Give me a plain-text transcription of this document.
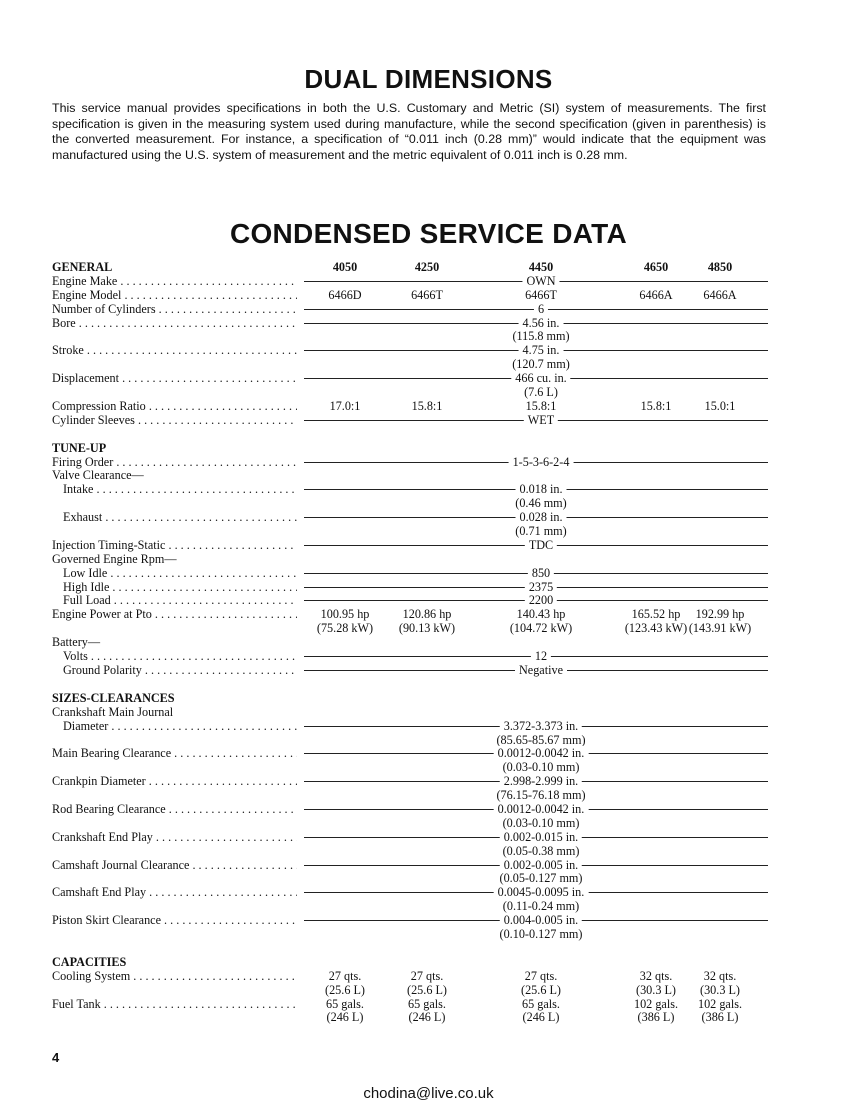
DUAL DIMENSIONS

This service manual provides specifications in both the U.S. Customary and Metric (SI) system of measurements. The first specification is given in the measuring system used during manufacture, while the second specification (given in parenthesis) is the converted measurement. For instance, a specification of “0.011 inch (0.28 mm)” would indicate that the equipment was manufactured using the U.S. system of measurement and the metric equivalent of 0.011 inch is 0.28 mm.

CONDENSED SERVICE DATA
GENERAL	4050	4250	4450	4650	4850
Engine Make . . .	OWN
Engine Model . . .	6466D	6466T	6466T	6466A	6466A
Number of Cylinders . . .	6
Bore . . .	4.56 in.
(115.8 mm)
Stroke . . .	4.75 in.
(120.7 mm)
Displacement . . .	466 cu. in.
(7.6 L)
Compression Ratio . . .	17.0:1	15.8:1	15.8:1	15.8:1	15.0:1
Cylinder Sleeves . . .	WET
TUNE-UP
Firing Order . . .	1-5-3-6-2-4
Valve Clearance—
Intake . . .	0.018 in.
(0.46 mm)
Exhaust . . .	0.028 in.
(0.71 mm)
Injection Timing-Static . . .	TDC
Governed Engine Rpm—
Low Idle . . .	850
High Idle . . .	2375
Full Load . . .	2200
Engine Power at Pto . . .	100.95 hp	120.86 hp	140.43 hp	165.52 hp	192.99 hp
(75.28 kW)	(90.13 kW)	(104.72 kW)	(123.43 kW) (143.91 kW)
Battery—
Volts . . .	12
Ground Polarity . . .	Negative
SIZES-CLEARANCES
Crankshaft Main Journal
Diameter . . .	3.372-3.373 in.
(85.65-85.67 mm)
Main Bearing Clearance . . .	0.0012-0.0042 in.
(0.03-0.10 mm)
Crankpin Diameter . . .	2.998-2.999 in.
(76.15-76.18 mm)
Rod Bearing Clearance . . .	0.0012-0.0042 in.
(0.03-0.10 mm)
Crankshaft End Play . . .	0.002-0.015 in.
(0.05-0.38 mm)
Camshaft Journal Clearance . . .	0.002-0.005 in.
(0.05-0.127 mm)
Camshaft End Play . . .	0.0045-0.0095 in.
(0.11-0.24 mm)
Piston Skirt Clearance . . .	0.004-0.005 in.
(0.10-0.127 mm)
CAPACITIES
Cooling System . . .	27 qts.	27 qts.	27 qts.	32 qts.	32 qts.
(25.6 L)	(25.6 L)	(25.6 L)	(30.3 L)	(30.3 L)
Fuel Tank . . .	65 gals.	65 gals.	65 gals.	102 gals.	102 gals.
(246 L)	(246 L)	(246 L)	(386 L)	(386 L)
4
chodina@live.co.uk
